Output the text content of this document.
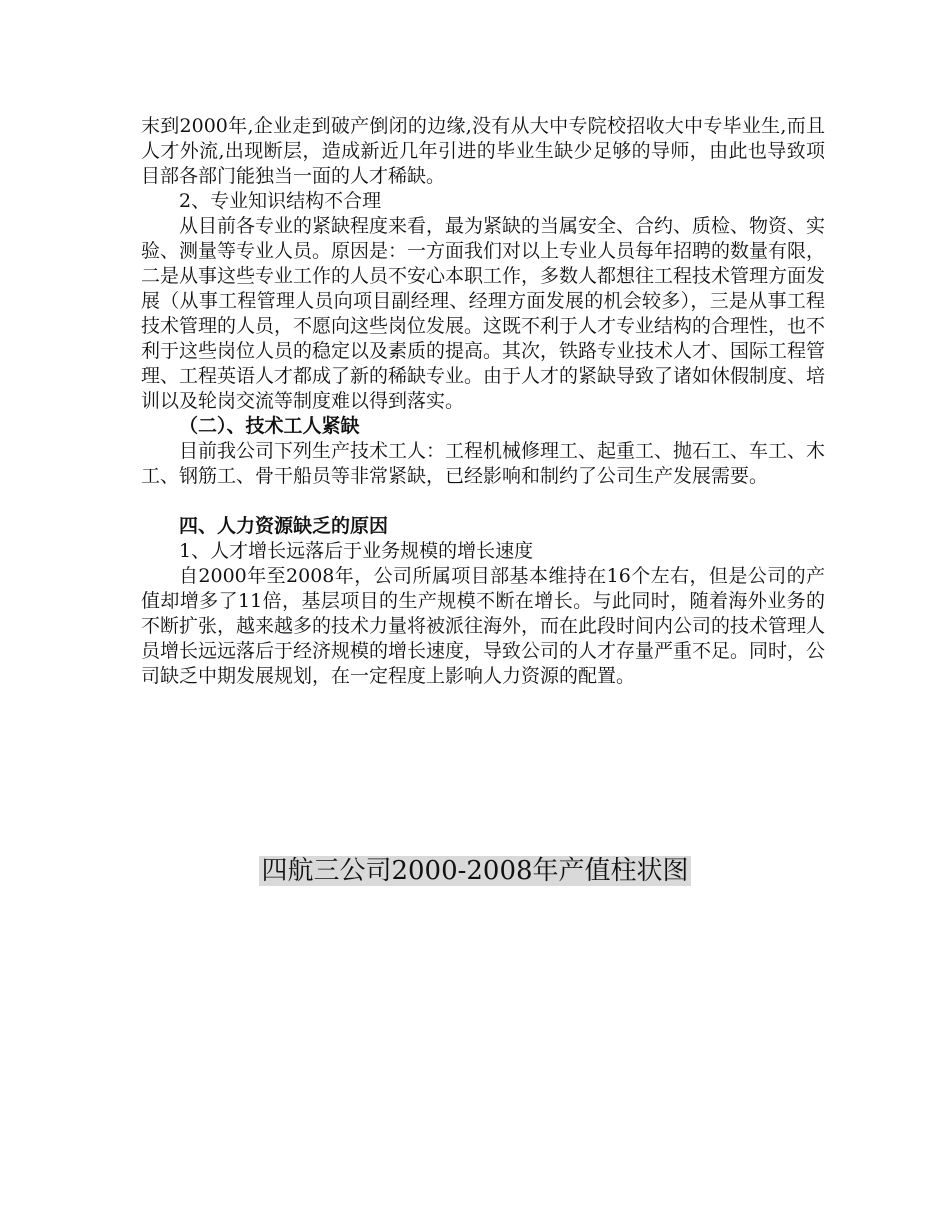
末到2000年,企业走到破产倒闭的边缘,没有从大中专院校招收大中专毕业生,而且人才外流,出现断层，造成新近几年引进的毕业生缺少足够的导师，由此也导致项目部各部门能独当一面的人才稀缺。

2、专业知识结构不合理

从目前各专业的紧缺程度来看，最为紧缺的当属安全、合约、质检、物资、实验、测量等专业人员。原因是：一方面我们对以上专业人员每年招聘的数量有限，二是从事这些专业工作的人员不安心本职工作，多数人都想往工程技术管理方面发展（从事工程管理人员向项目副经理、经理方面发展的机会较多），三是从事工程技术管理的人员，不愿向这些岗位发展。这既不利于人才专业结构的合理性，也不利于这些岗位人员的稳定以及素质的提高。其次，铁路专业技术人才、国际工程管理、工程英语人才都成了新的稀缺专业。由于人才的紧缺导致了诸如休假制度、培训以及轮岗交流等制度难以得到落实。

（二）、技术工人紧缺

目前我公司下列生产技术工人：工程机械修理工、起重工、抛石工、车工、木工、钢筋工、骨干船员等非常紧缺，已经影响和制约了公司生产发展需要。

四、人力资源缺乏的原因

1、人才增长远落后于业务规模的增长速度

自2000年至2008年，公司所属项目部基本维持在16个左右，但是公司的产值却增多了11倍，基层项目的生产规模不断在增长。与此同时，随着海外业务的不断扩张，越来越多的技术力量将被派往海外，而在此段时间内公司的技术管理人员增长远远落后于经济规模的增长速度，导致公司的人才存量严重不足。同时，公司缺乏中期发展规划，在一定程度上影响人力资源的配置。

四航三公司2000-2008年产值柱状图
